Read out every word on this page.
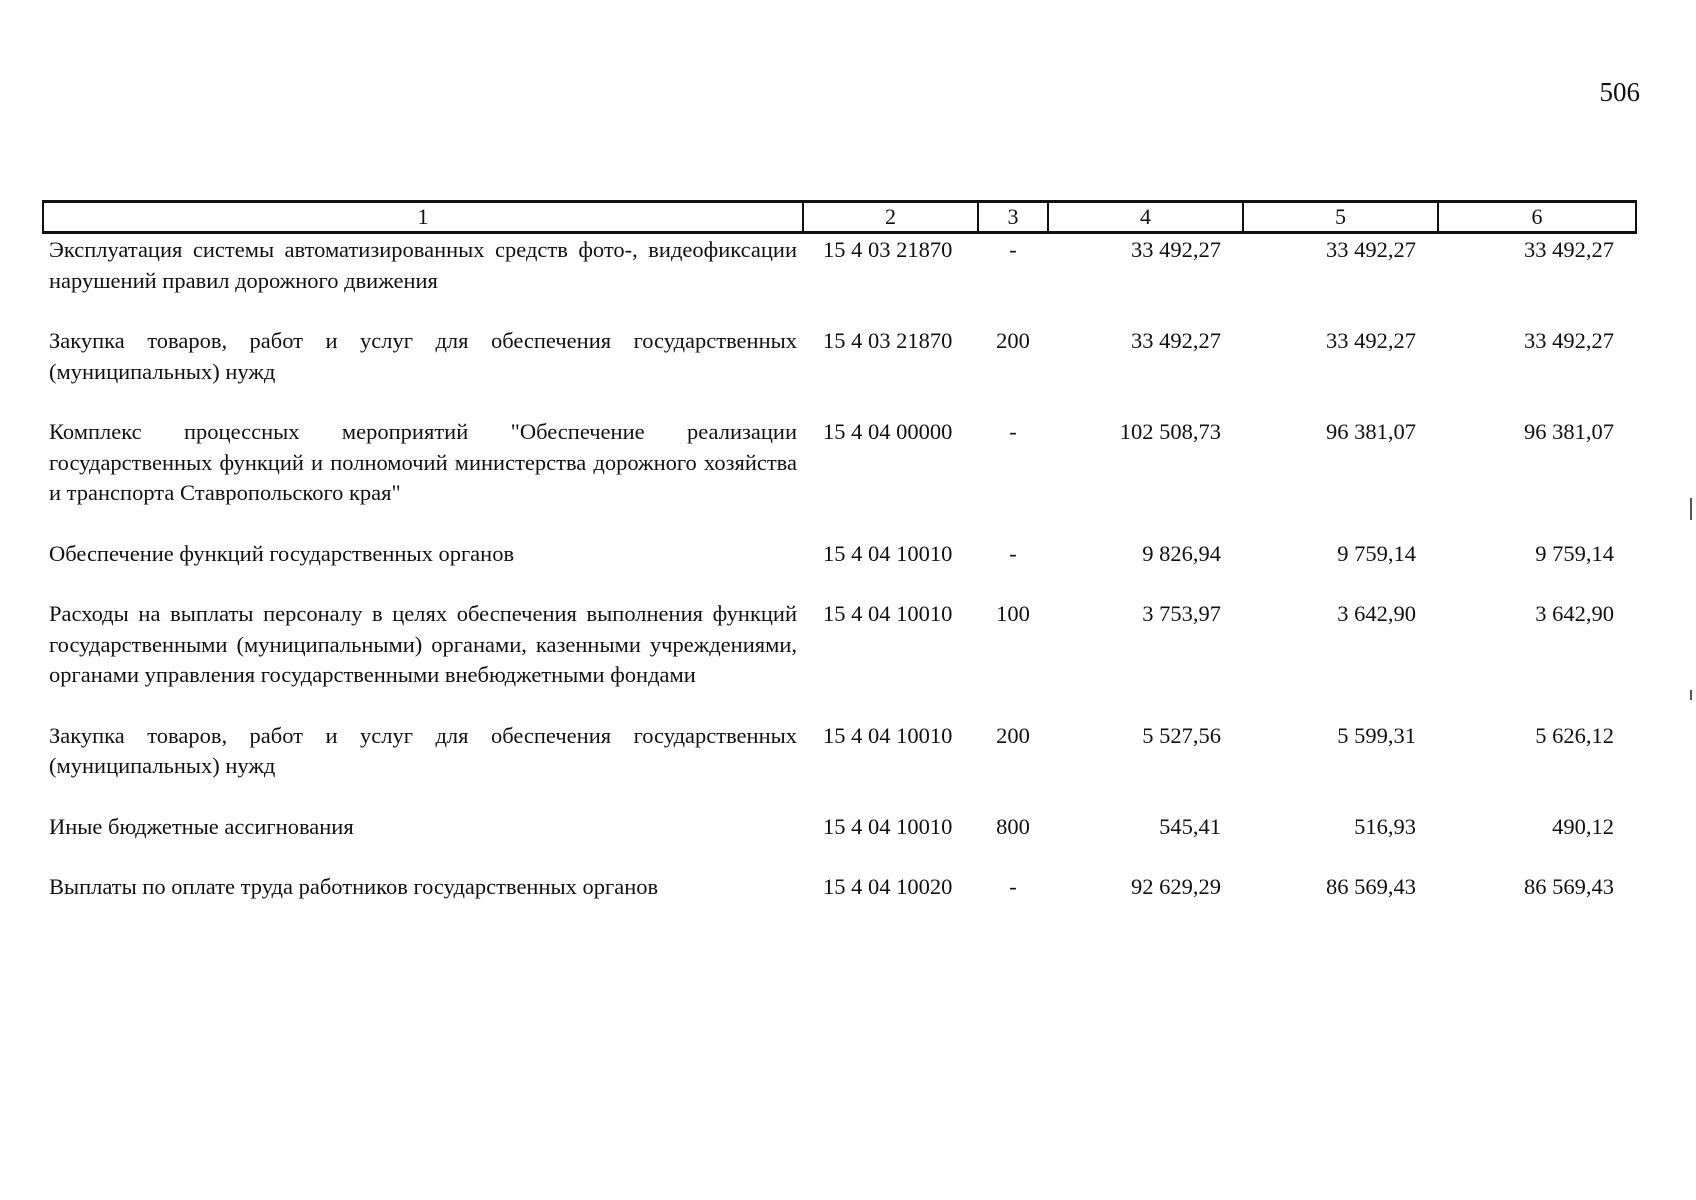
506
1	2	3	4	5	6
Эксплуатация системы автоматизированных средств фото-, видеофиксации нарушений правил дорожного движения	15 4 03 21870	-	33 492,27	33 492,27	33 492,27
Закупка товаров, работ и услуг для обеспечения государственных (муниципальных) нужд	15 4 03 21870	200	33 492,27	33 492,27	33 492,27
Комплекс процессных мероприятий "Обеспечение реализации государственных функций и полномочий министерства дорожного хозяйства и транспорта Ставропольского края"	15 4 04 00000	-	102 508,73	96 381,07	96 381,07
Обеспечение функций государственных органов	15 4 04 10010	-	9 826,94	9 759,14	9 759,14
Расходы на выплаты персоналу в целях обеспечения выполнения функций государственными (муниципальными) органами, казенными учреждениями, органами управления государственными внебюджетными фондами	15 4 04 10010	100	3 753,97	3 642,90	3 642,90
Закупка товаров, работ и услуг для обеспечения государственных (муниципальных) нужд	15 4 04 10010	200	5 527,56	5 599,31	5 626,12
Иные бюджетные ассигнования	15 4 04 10010	800	545,41	516,93	490,12
Выплаты по оплате труда работников государственных органов	15 4 04 10020	-	92 629,29	86 569,43	86 569,43
